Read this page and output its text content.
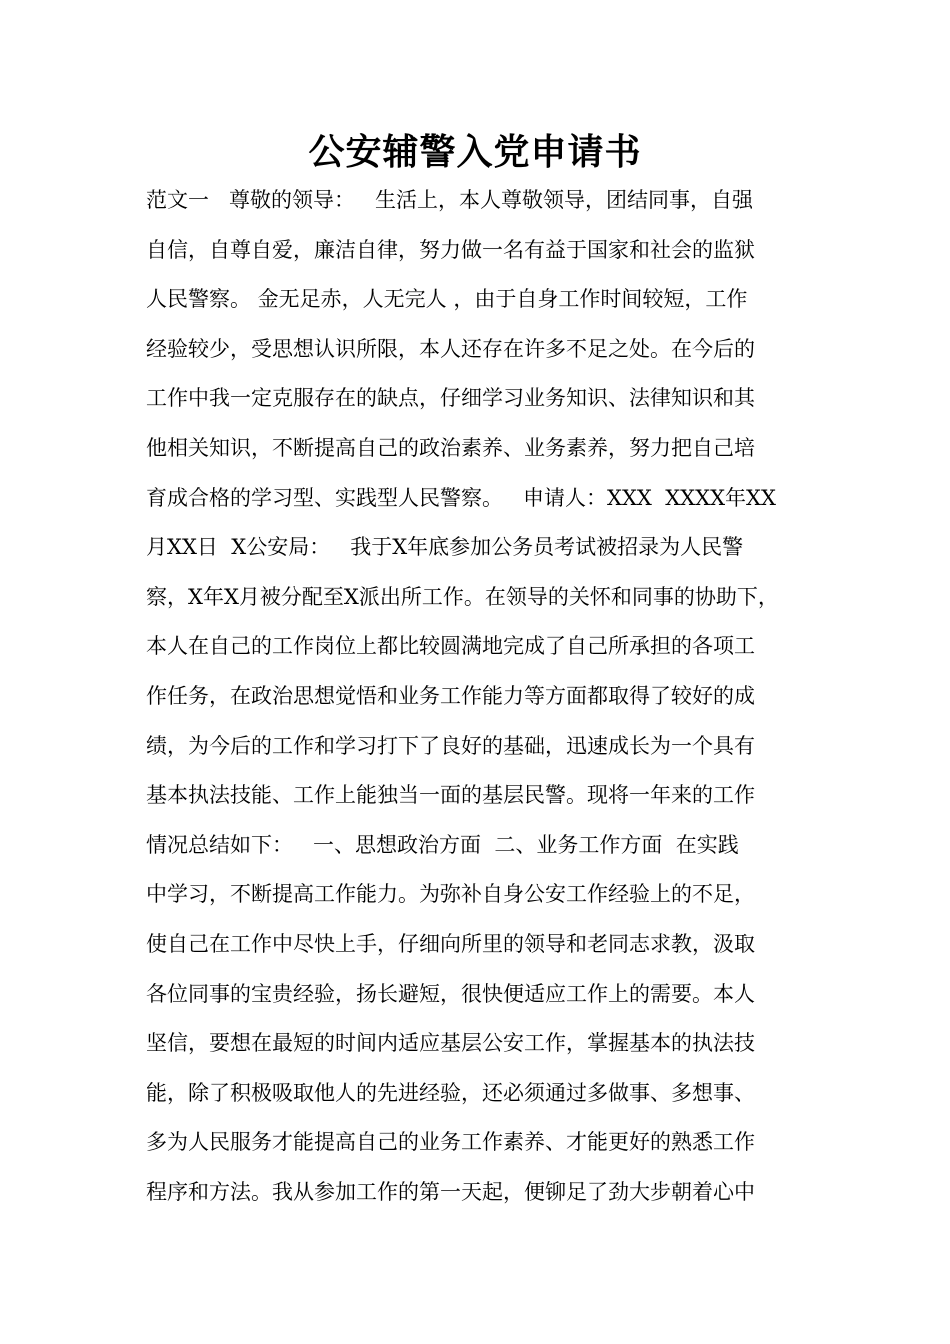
公安辅警入党申请书
范文一   尊敬的领导：   生活上，本人尊敬领导，团结同事，自强
自信，自尊自爱，廉洁自律，努力做一名有益于国家和社会的监狱
人民警察。 金无足赤，人无完人 ，由于自身工作时间较短，工作
经验较少，受思想认识所限，本人还存在许多不足之处。在今后的
工作中我一定克服存在的缺点，仔细学习业务知识、法律知识和其
他相关知识，不断提高自己的政治素养、业务素养，努力把自己培
育成合格的学习型、实践型人民警察。   申请人：XXX  XXXX年XX
月XX日  X公安局：   我于X年底参加公务员考试被招录为人民警
察，X年X月被分配至X派出所工作。在领导的关怀和同事的协助下，
本人在自己的工作岗位上都比较圆满地完成了自己所承担的各项工
作任务，在政治思想觉悟和业务工作能力等方面都取得了较好的成
绩，为今后的工作和学习打下了良好的基础，迅速成长为一个具有
基本执法技能、工作上能独当一面的基层民警。现将一年来的工作
情况总结如下：   一、思想政治方面  二、业务工作方面  在实践
中学习，不断提高工作能力。为弥补自身公安工作经验上的不足，
使自己在工作中尽快上手，仔细向所里的领导和老同志求教，汲取
各位同事的宝贵经验，扬长避短，很快便适应工作上的需要。本人
坚信，要想在最短的时间内适应基层公安工作，掌握基本的执法技
能，除了积极吸取他人的先进经验，还必须通过多做事、多想事、
多为人民服务才能提高自己的业务工作素养、才能更好的熟悉工作
程序和方法。我从参加工作的第一天起，便铆足了劲大步朝着心中
